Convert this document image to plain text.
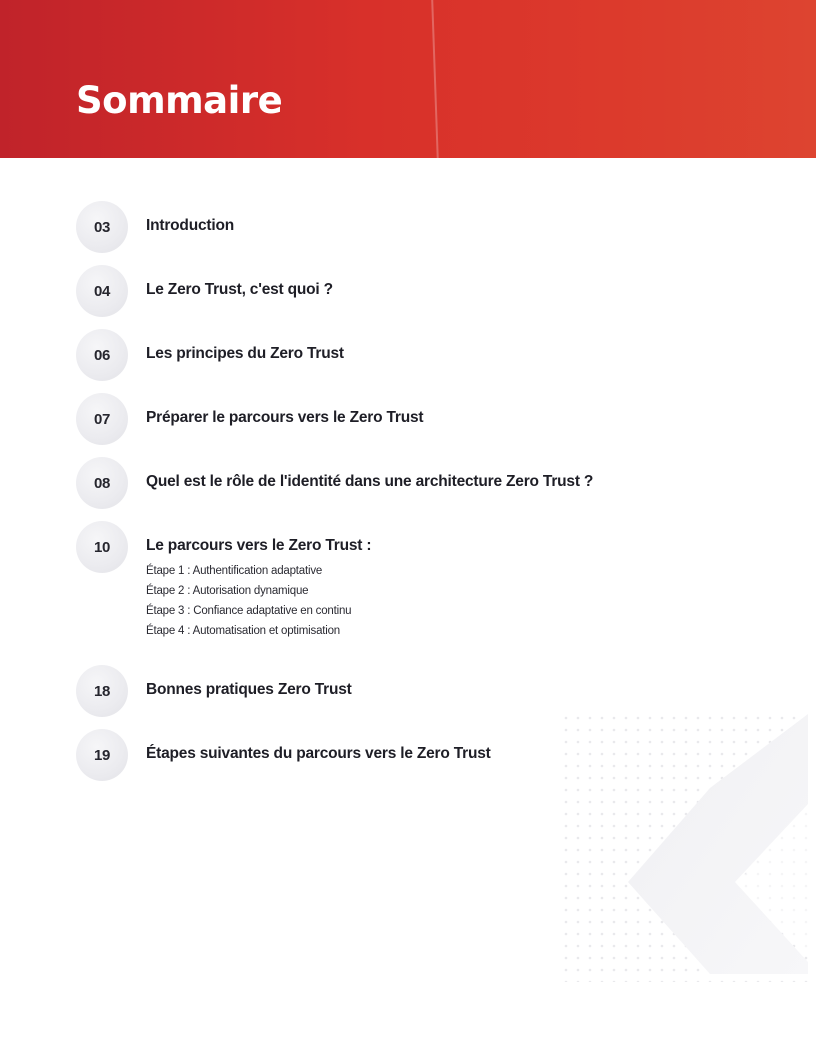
Sommaire
03	Introduction
04	Le Zero Trust, c'est quoi ?
06	Les principes du Zero Trust
07	Préparer le parcours vers le Zero Trust
08	Quel est le rôle de l'identité dans une architecture Zero Trust ?
10	Le parcours vers le Zero Trust :
Étape 1 : Authentification adaptative
Étape 2 : Autorisation dynamique
Étape 3 : Confiance adaptative en continu
Étape 4 : Automatisation et optimisation
18	Bonnes pratiques Zero Trust
19	Étapes suivantes du parcours vers le Zero Trust
